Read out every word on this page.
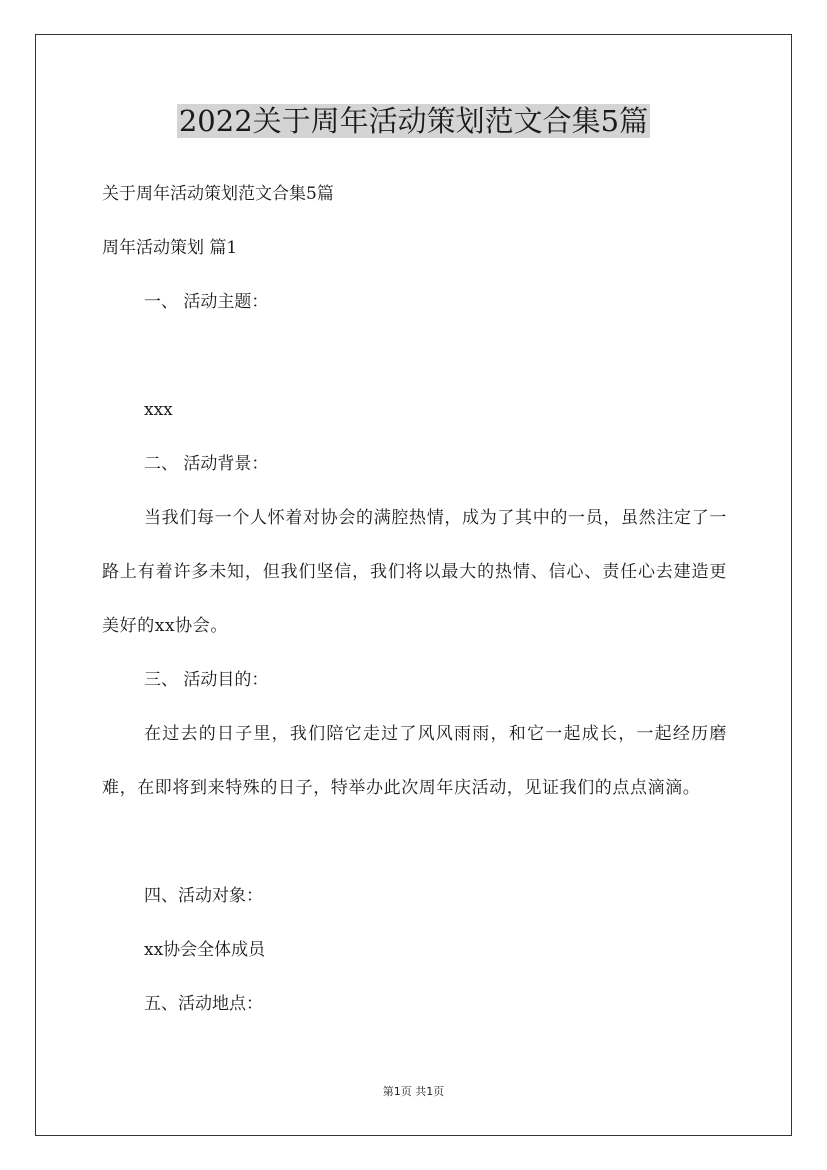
2022关于周年活动策划范文合集5篇

关于周年活动策划范文合集5篇

周年活动策划 篇1

一、 活动主题：

xxx

二、 活动背景：

当我们每一个人怀着对协会的满腔热情，成为了其中的一员，虽然注定了一路上有着许多未知，但我们坚信，我们将以最大的热情、信心、责任心去建造更美好的xx协会。

三、 活动目的：

在过去的日子里，我们陪它走过了风风雨雨，和它一起成长，一起经历磨难，在即将到来特殊的日子，特举办此次周年庆活动，见证我们的点点滴滴。

四、活动对象：

xx协会全体成员

五、活动地点：

第1页 共1页
